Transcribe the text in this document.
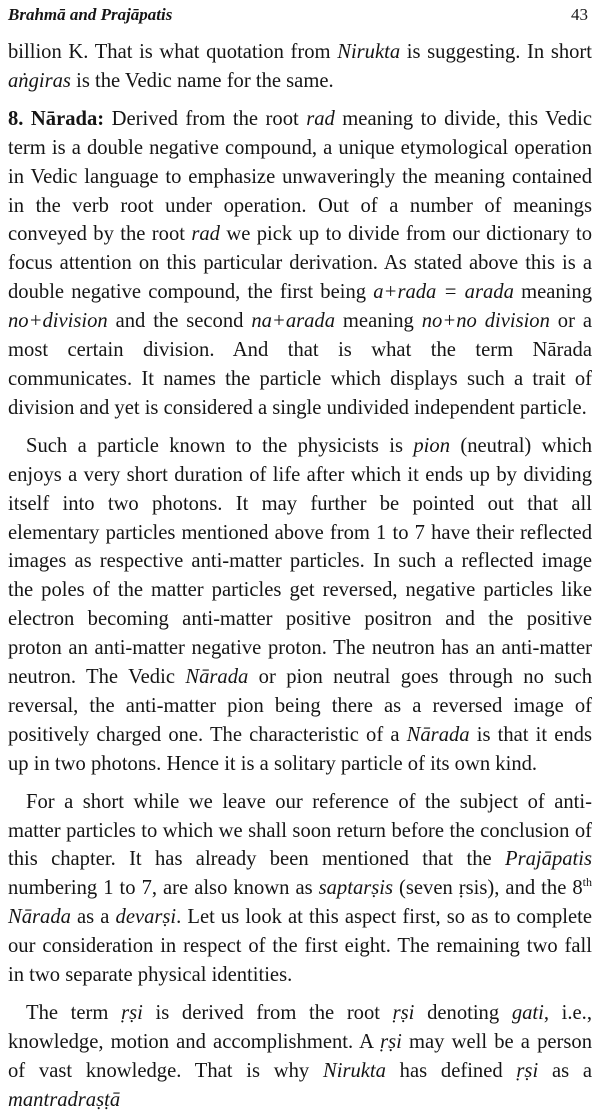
Brahmā and Prajāpatis	43

billion K. That is what quotation from Nirukta is suggesting. In short aṅgiras is the Vedic name for the same.

8. Nārada: Derived from the root rad meaning to divide, this Vedic term is a double negative compound, a unique etymological operation in Vedic language to emphasize unwaveringly the meaning contained in the verb root under operation. Out of a number of meanings conveyed by the root rad we pick up to divide from our dictionary to focus attention on this particular derivation. As stated above this is a double negative compound, the first being a+rada = arada meaning no+division and the second na+arada meaning no+no division or a most certain division. And that is what the term Nārada communicates. It names the particle which displays such a trait of division and yet is considered a single undivided independent particle.

Such a particle known to the physicists is pion (neutral) which enjoys a very short duration of life after which it ends up by dividing itself into two photons. It may further be pointed out that all elementary particles mentioned above from 1 to 7 have their reflected images as respective anti-matter particles. In such a reflected image the poles of the matter particles get reversed, negative particles like electron becoming anti-matter positive positron and the positive proton an anti-matter negative proton. The neutron has an anti-matter neutron. The Vedic Nārada or pion neutral goes through no such reversal, the anti-matter pion being there as a reversed image of positively charged one. The characteristic of a Nārada is that it ends up in two photons. Hence it is a solitary particle of its own kind.

For a short while we leave our reference of the subject of anti-matter particles to which we shall soon return before the conclusion of this chapter. It has already been mentioned that the Prajāpatis numbering 1 to 7, are also known as saptarṣis (seven ṛsis), and the 8th Nārada as a devarṣi. Let us look at this aspect first, so as to complete our consideration in respect of the first eight. The remaining two fall in two separate physical identities.

The term ṛṣi is derived from the root ṛṣi denoting gati, i.e., knowledge, motion and accomplishment. A ṛṣi may well be a person of vast knowledge. That is why Nirukta has defined ṛṣi as a mantradraṣṭā
